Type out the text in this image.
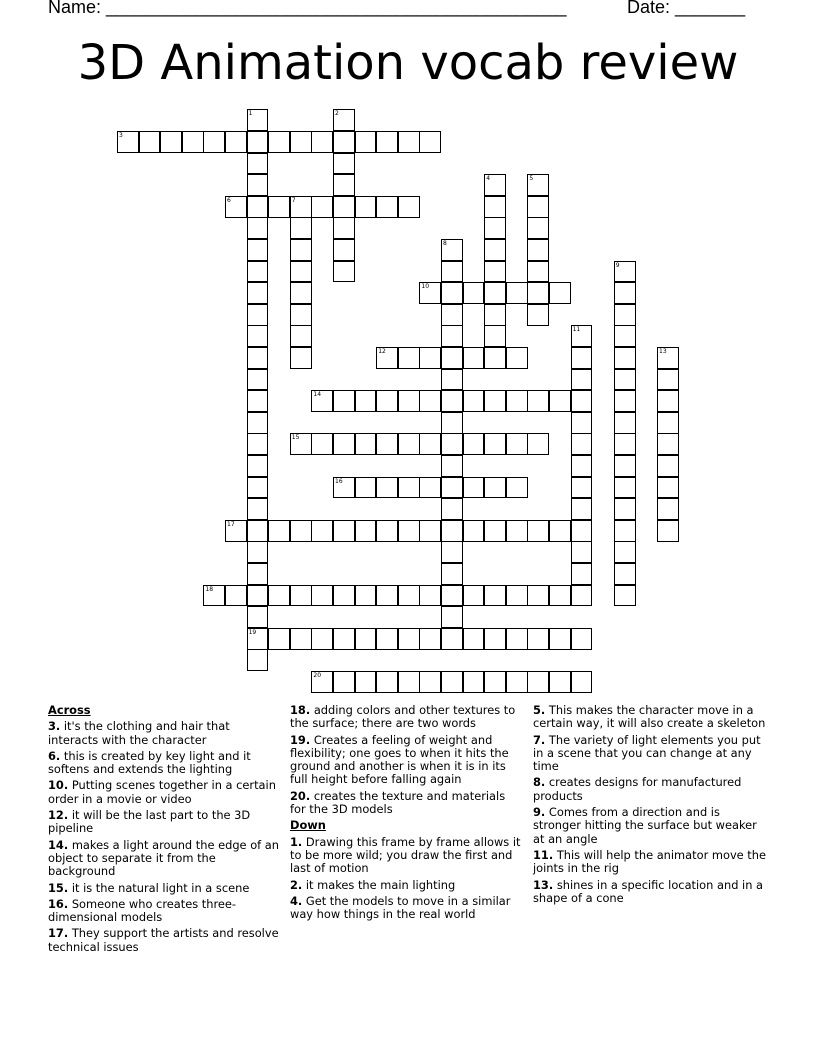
Name: ______________________________________________	Date: _______
3D Animation vocab review
1
19
2
3
4	5
6	7
8
9
10
11
12	13
14
15
16
17
18
20
Across
3. it's the clothing and hair that interacts with the character
6. this is created by key light and it softens and extends the lighting
10. Putting scenes together in a certain order in a movie or video
12. it will be the last part to the 3D pipeline
14. makes a light around the edge of an object to separate it from the background
15. it is the natural light in a scene
16. Someone who creates three-dimensional models
17. They support the artists and resolve technical issues
18. adding colors and other textures to the surface; there are two words
19. Creates a feeling of weight and flexibility; one goes to when it hits the ground and another is when it is in its full height before falling again
20. creates the texture and materials for the 3D models
Down
1. Drawing this frame by frame allows it to be more wild; you draw the first and last of motion
2. it makes the main lighting
4. Get the models to move in a similar way how things in the real world
5. This makes the character move in a certain way, it will also create a skeleton
7. The variety of light elements you put in a scene that you can change at any time
8. creates designs for manufactured products
9. Comes from a direction and is stronger hitting the surface but weaker at an angle
11. This will help the animator move the joints in the rig
13. shines in a specific location and in a shape of a cone
